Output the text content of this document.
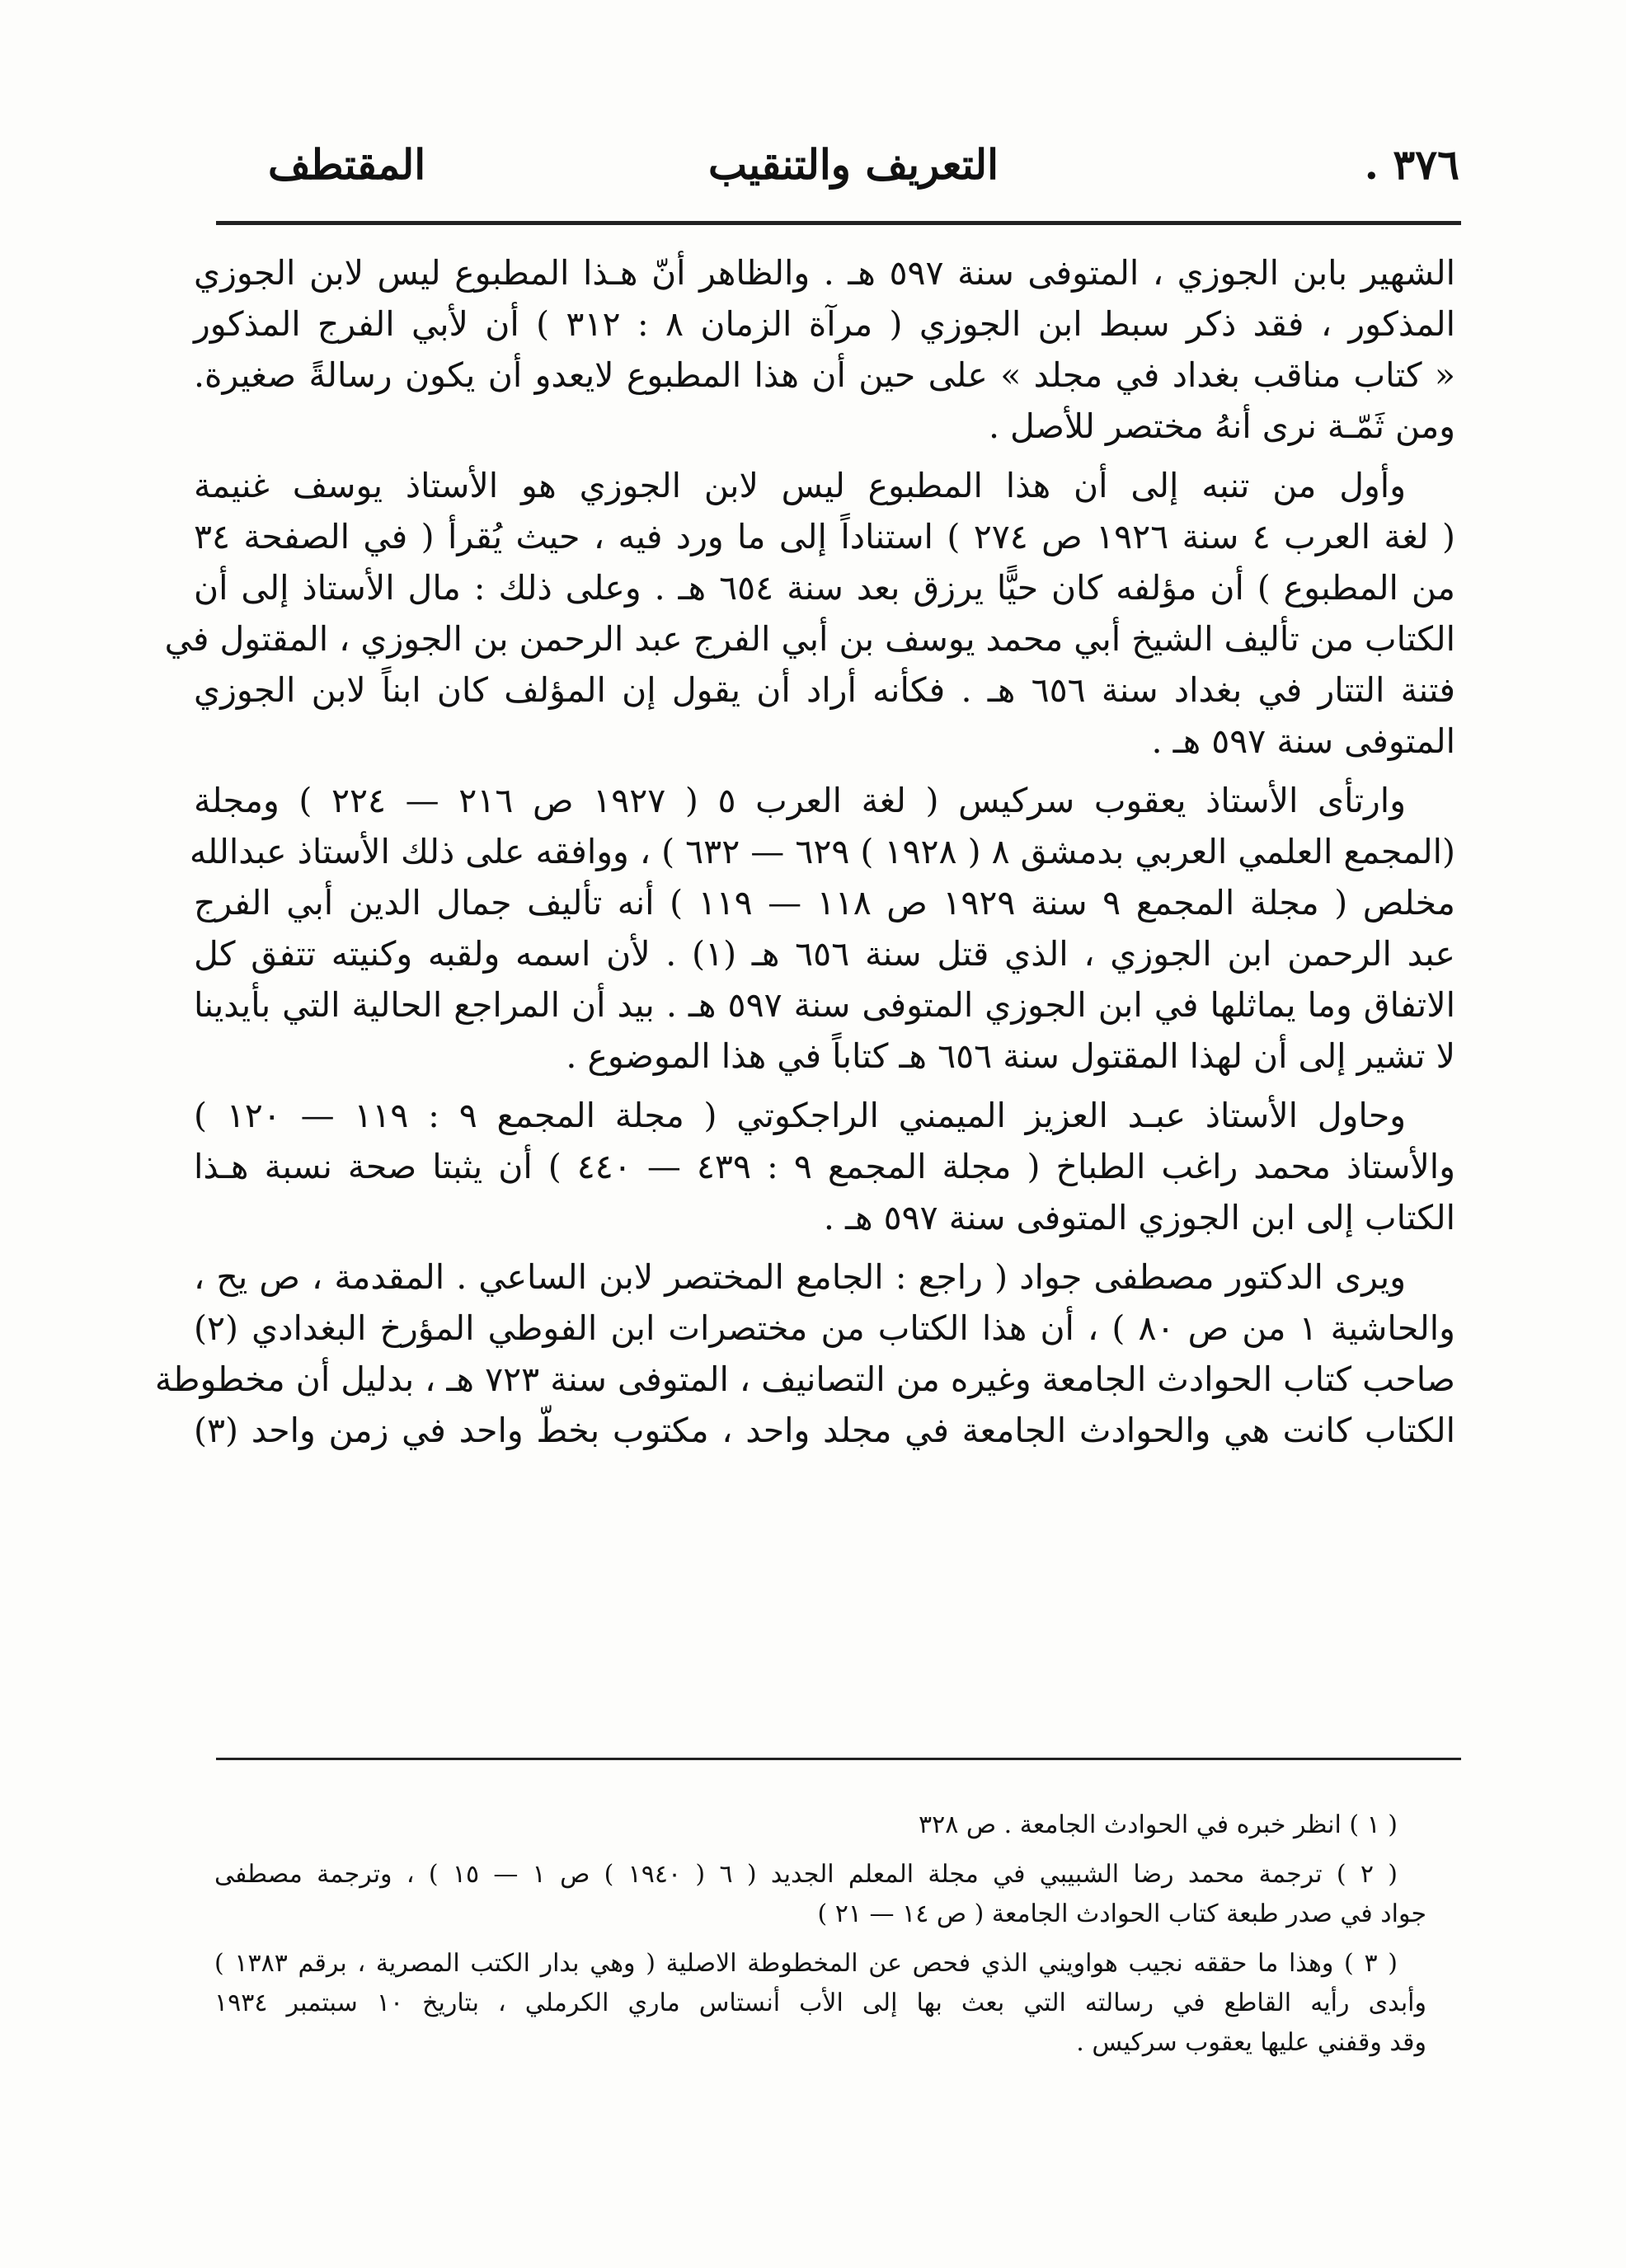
٣٧٦ .
التعريف والتنقيب
المقتطف
الشهير بابن الجوزي ، المتوفى سنة ٥٩٧ هـ . والظاهر أنّ هـذا المطبوع ليس لابن الجوزي
المذكور ، فقد ذكر سبط ابن الجوزي ( مرآة الزمان ٨ : ٣١٢ ) أن لأبي الفرج المذكور
« كتاب مناقب بغداد في مجلد » على حين أن هذا المطبوع لايعدو أن يكون رسالةً صغيرة.
ومن ثَمّـة نرى أنهُ مختصر للأصل .
وأول من تنبه إلى أن هذا المطبوع ليس لابن الجوزي هو الأستاذ يوسف غنيمة
( لغة العرب ٤ سنة ١٩٢٦ ص ٢٧٤ ) استناداً إلى ما ورد فيه ، حيث يُقرأ ( في الصفحة ٣٤
من المطبوع ) أن مؤلفه كان حيًّا يرزق بعد سنة ٦٥٤ هـ . وعلى ذلك : مال الأستاذ إلى أن
الكتاب من تأليف الشيخ أبي محمد يوسف بن أبي الفرج عبد الرحمن بن الجوزي ، المقتول في
فتنة التتار في بغداد سنة ٦٥٦ هـ . فكأنه أراد أن يقول إن المؤلف كان ابناً لابن الجوزي
المتوفى سنة ٥٩٧ هـ .
وارتأى الأستاذ يعقوب سركيس ( لغة العرب ٥ ( ١٩٢٧ ص ٢١٦ — ٢٢٤ ) ومجلة
(المجمع العلمي العربي بدمشق ٨ ( ١٩٢٨ ) ٦٢٩ — ٦٣٢ ) ، ووافقه على ذلك الأستاذ عبدالله
مخلص ( مجلة المجمع ٩ سنة ١٩٢٩ ص ١١٨ — ١١٩ ) أنه تأليف جمال الدين أبي الفرج
عبد الرحمن ابن الجوزي ، الذي قتل سنة ٦٥٦ هـ (١) . لأن اسمه ولقبه وكنيته تتفق كل
الاتفاق وما يماثلها في ابن الجوزي المتوفى سنة ٥٩٧ هـ . بيد أن المراجع الحالية التي بأيدينا
لا تشير إلى أن لهذا المقتول سنة ٦٥٦ هـ كتاباً في هذا الموضوع .
وحاول الأستاذ عبـد العزيز الميمني الراجكوتي ( مجلة المجمع ٩ : ١١٩ — ١٢٠ )
والأستاذ محمد راغب الطباخ ( مجلة المجمع ٩ : ٤٣٩ — ٤٤٠ ) أن يثبتا صحة نسبة هـذا
الكتاب إلى ابن الجوزي المتوفى سنة ٥٩٧ هـ .
ويرى الدكتور مصطفى جواد ( راجع : الجامع المختصر لابن الساعي . المقدمة ، ص يح ،
والحاشية ١ من ص ٨٠ ) ، أن هذا الكتاب من مختصرات ابن الفوطي المؤرخ البغدادي (٢)
صاحب كتاب الحوادث الجامعة وغيره من التصانيف ، المتوفى سنة ٧٢٣ هـ ، بدليل أن مخطوطة
الكتاب كانت هي والحوادث الجامعة في مجلد واحد ، مكتوب بخطّ واحد في زمن واحد (٣)
( ١ ) انظر خبره في الحوادث الجامعة . ص ٣٢٨
( ٢ ) ترجمة محمد رضا الشبيبي في مجلة المعلم الجديد ( ٦ ( ١٩٤٠ ) ص ١ — ١٥ ) ، وترجمة مصطفى
جواد في صدر طبعة كتاب الحوادث الجامعة ( ص ١٤ — ٢١ )
( ٣ ) وهذا ما حققه نجيب هواويني الذي فحص عن المخطوطة الاصلية ( وهي بدار الكتب المصرية ، برقم ١٣٨٣ )
وأبدى رأيه القاطع في رسالته التي بعث بها إلى الأب أنستاس ماري الكرملي ، بتاريخ ١٠ سبتمبر ١٩٣٤
وقد وقفني عليها يعقوب سركيس .
